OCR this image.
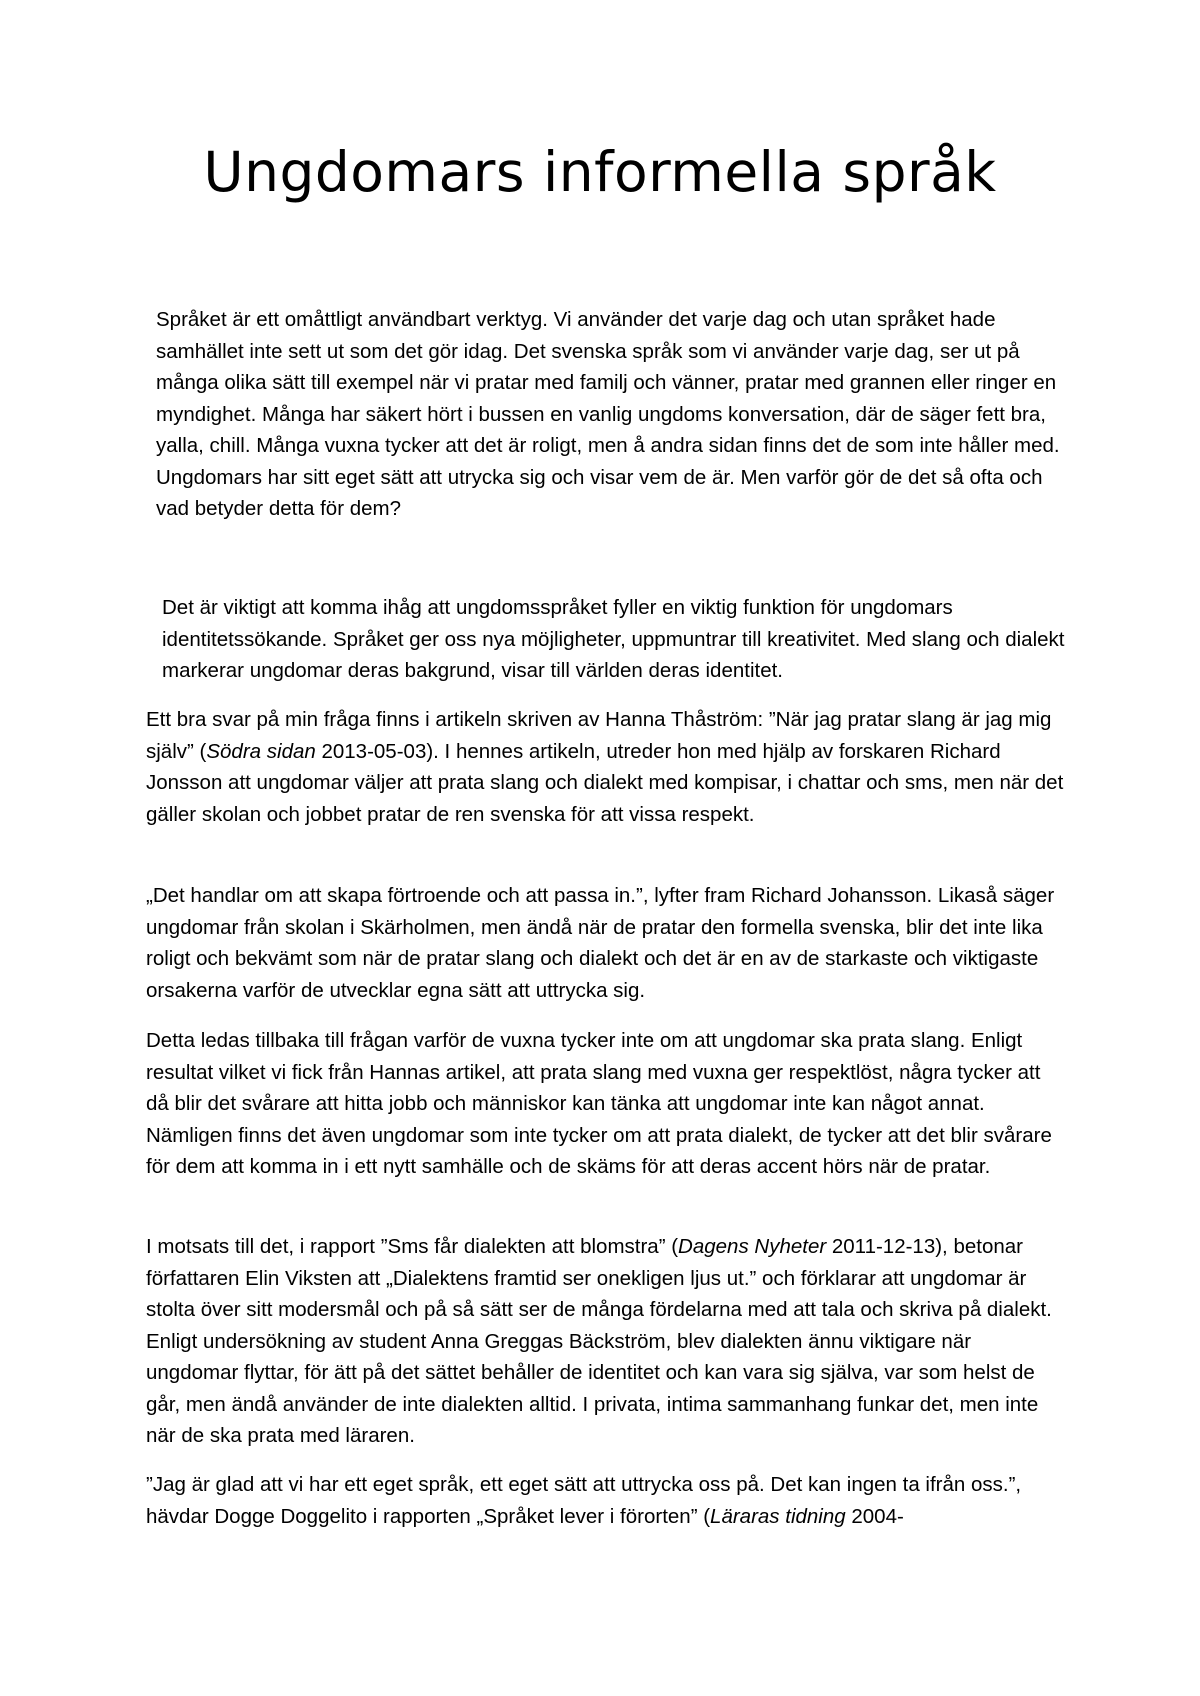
Ungdomars informella språk

Språket är ett omåttligt användbart verktyg. Vi använder det varje dag och utan språket hade samhället inte sett ut som det gör idag. Det svenska språk som vi använder varje dag, ser ut på många olika sätt till exempel när vi pratar med familj och vänner, pratar med grannen eller ringer en myndighet. Många har säkert hört i bussen en vanlig ungdoms konversation, där de säger fett bra, yalla, chill. Många vuxna tycker att det är roligt, men å andra sidan finns det de som inte håller med. Ungdomars har sitt eget sätt att utrycka sig och visar vem de är. Men varför gör de det så ofta och vad betyder detta för dem?

Det är viktigt att komma ihåg att ungdomsspråket fyller en viktig funktion för ungdomars identitetssökande. Språket ger oss nya möjligheter, uppmuntrar till kreativitet. Med slang och dialekt markerar ungdomar deras bakgrund, visar till världen deras identitet.

Ett bra svar på min fråga finns i artikeln skriven av Hanna Thåström: ”När jag pratar slang är jag mig själv” (Södra sidan 2013-05-03). I hennes artikeln, utreder hon med hjälp av forskaren Richard Jonsson att ungdomar väljer att prata slang och dialekt med kompisar, i chattar och sms, men när det gäller skolan och jobbet pratar de ren svenska för att vissa respekt.

„Det handlar om att skapa förtroende och att passa in.”, lyfter fram Richard Johansson. Likaså säger ungdomar från skolan i Skärholmen, men ändå när de pratar den formella svenska, blir det inte lika roligt och bekvämt som när de pratar slang och dialekt och det är en av de starkaste och viktigaste orsakerna varför de utvecklar egna sätt att uttrycka sig.

Detta ledas tillbaka till frågan varför de vuxna tycker inte om att ungdomar ska prata slang. Enligt resultat vilket vi fick från Hannas artikel, att prata slang med vuxna ger respektlöst, några tycker att då blir det svårare att hitta jobb och människor kan tänka att ungdomar inte kan något annat. Nämligen finns det även ungdomar som inte tycker om att prata dialekt, de tycker att det blir svårare för dem att komma in i ett nytt samhälle och de skäms för att deras accent hörs när de pratar.

I motsats till det, i rapport ”Sms får dialekten att blomstra” (Dagens Nyheter 2011-12-13), betonar författaren Elin Viksten att „Dialektens framtid ser onekligen ljus ut.” och förklarar att ungdomar är stolta över sitt modersmål och på så sätt ser de många fördelarna med att tala och skriva på dialekt. Enligt undersökning av student Anna Greggas Bäckström, blev dialekten ännu viktigare när ungdomar flyttar, för ätt på det sättet behåller de identitet och kan vara sig själva, var som helst de går, men ändå använder de inte dialekten alltid. I privata, intima sammanhang funkar det, men inte när de ska prata med läraren.

”Jag är glad att vi har ett eget språk, ett eget sätt att uttrycka oss på. Det kan ingen ta ifrån oss.”, hävdar Dogge Doggelito i rapporten „Språket lever i förorten” (Läraras tidning 2004-
